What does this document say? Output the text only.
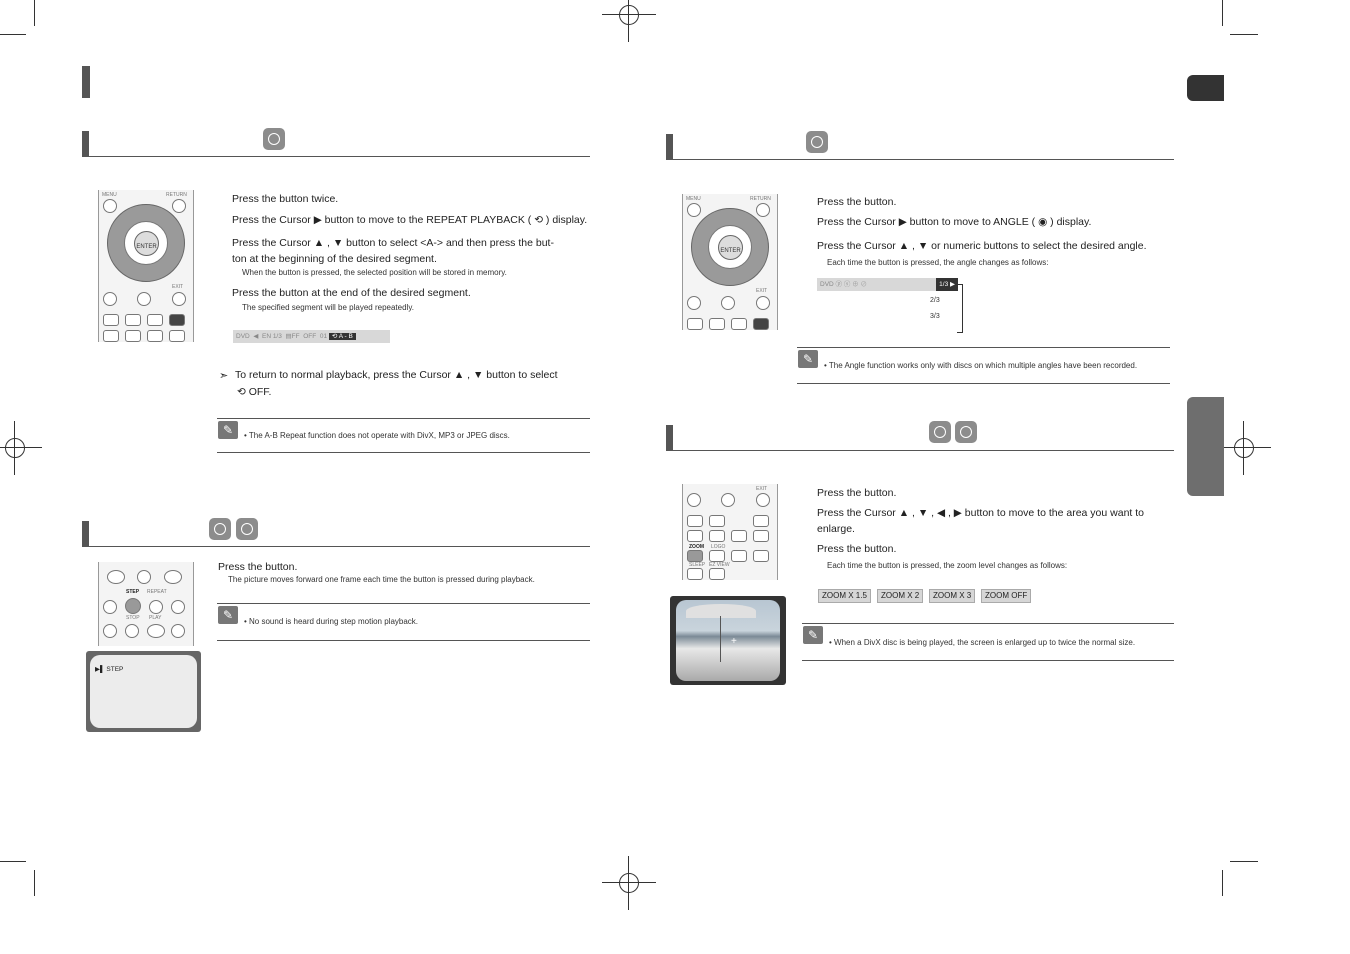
MENU	RETURN
ENTER
EXIT
Press the button twice.
Press the Cursor ▶ button to move to the REPEAT PLAYBACK ( ⟲ ) display.
Press the Cursor ▲ , ▼ button to select <A-> and then press the but-
ton at the beginning of the desired segment.
When the button is pressed, the selected position will be stored in memory.
Press the button at the end of the desired segment.
The specified segment will be played repeatedly.
DVD ◀ EN 1/3 ▤FF OFF 01 ⟲ A - B
➣ To return to normal playback, press the Cursor ▲ , ▼ button to select
⟲ OFF.
✎	• The A-B Repeat function does not operate with DivX, MP3 or JPEG discs.
STEP REPEAT
STOP PLAY
▶▌ STEP
Press the button.
The picture moves forward one frame each time the button is pressed during playback.
✎	• No sound is heard during step motion playback.
MENU	RETURN
ENTER
EXIT
Press the button.
Press the Cursor ▶ button to move to ANGLE ( ◉ ) display.
Press the Cursor ▲ , ▼ or numeric buttons to select the desired angle.
Each time the button is pressed, the angle changes as follows:
DVD ⓟ ⓢ ⊕ ⊘	1/3 ▶
2/3
3/3
✎	• The Angle function works only with discs on which multiple angles have been recorded.
EXIT
ZOOM LOGO
SLEEP EZ VIEW
+
Press the button.
Press the Cursor ▲ , ▼ , ◀ , ▶ button to move to the area you want to
enlarge.
Press the button.
Each time the button is pressed, the zoom level changes as follows:
ZOOM X 1.5	ZOOM X 2	ZOOM X 3	ZOOM OFF
✎
• When a DivX disc is being played, the screen is enlarged up to twice the normal size.
